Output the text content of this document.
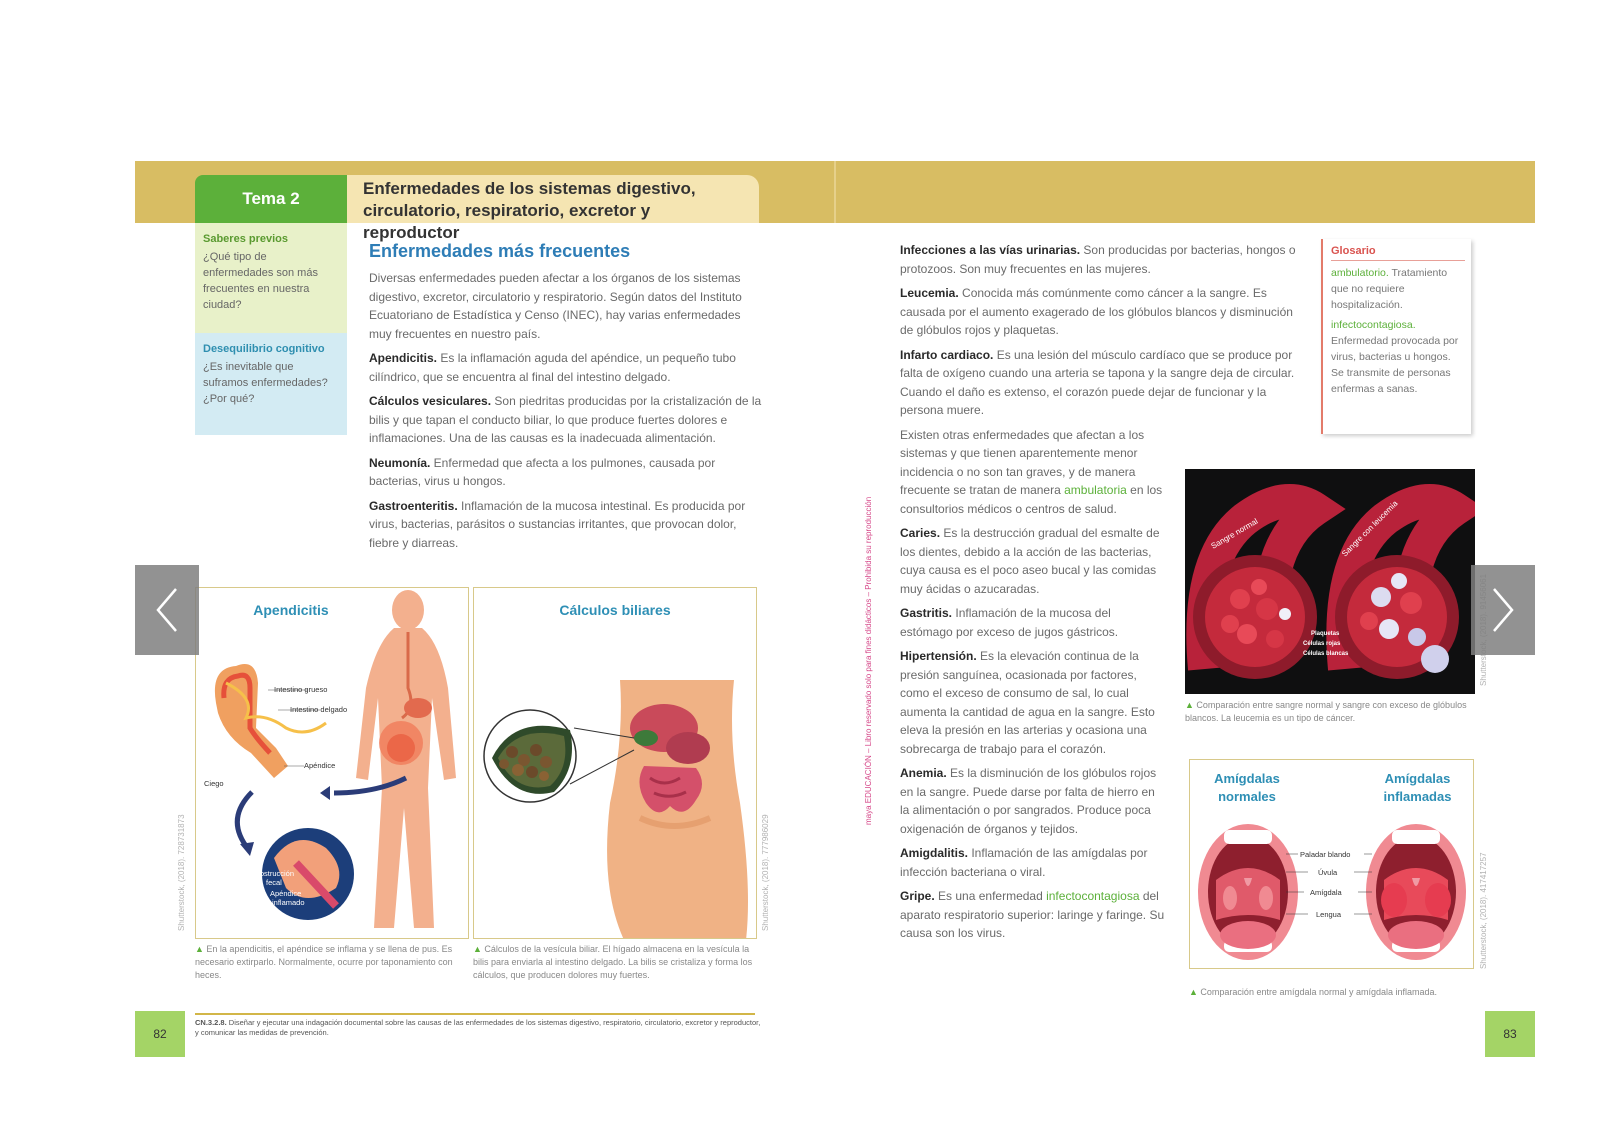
Tema 2
Enfermedades de los sistemas digestivo,
circulatorio, respiratorio, excretor y reproductor
Saberes previos
¿Qué tipo de enfermedades son más frecuentes en nuestra ciudad?
Desequilibrio cognitivo
¿Es inevitable que suframos enfermedades? ¿Por qué?
Enfermedades más frecuentes

Diversas enfermedades pueden afectar a los órganos de los sistemas digestivo, excretor, circulatorio y respiratorio. Según datos del Instituto Ecuatoriano de Estadística y Censo (INEC), hay varias enfermedades muy frecuentes en nuestro país.

Apendicitis. Es la inflamación aguda del apéndice, un pequeño tubo cilíndrico, que se encuentra al final del intestino delgado.

Cálculos vesiculares. Son piedritas producidas por la cristalización de la bilis y que tapan el conducto biliar, lo que produce fuertes dolores e inflamaciones. Una de las causas es la inadecuada alimentación.

Neumonía. Enfermedad que afecta a los pulmones, causada por bacterias, virus u hongos.

Gastroenteritis. Inflamación de la mucosa intestinal. Es producida por virus, bacterias, parásitos o sustancias irritantes, que provocan dolor, fiebre y diarreas.

Apendicitis
Intestino grueso
Intestino delgado
Apéndice
Ciego
Obstrucción
fecal
Apéndice
inflamado
Shutterstock, (2018). 728731873
▲ En la apendicitis, el apéndice se inflama y se llena de pus. Es necesario extirparlo. Normalmente, ocurre por taponamiento con heces.
Cálculos biliares
Shutterstock, (2018). 777986029
▲ Cálculos de la vesícula biliar. El hígado almacena en la vesícula la bilis para enviarla al intestino delgado. La bilis se cristaliza y forma los cálculos, que producen dolores muy fuertes.
CN.3.2.8. Diseñar y ejecutar una indagación documental sobre las causas de las enfermedades de los sistemas digestivo, respiratorio, circulatorio, excretor y reproductor, y comunicar las medidas de prevención.
82	83
maya EDUCACIÓN – Libro reservado solo para fines didácticos – Prohibida su reproducción

Infecciones a las vías urinarias. Son producidas por bacterias, hongos o protozoos. Son muy frecuentes en las mujeres.

Leucemia. Conocida más comúnmente como cáncer a la sangre. Es causada por el aumento exagerado de los glóbulos blancos y disminución de glóbulos rojos y plaquetas.

Infarto cardiaco. Es una lesión del músculo cardíaco que se produce por falta de oxígeno cuando una arteria se tapona y la sangre deja de circular. Cuando el daño es extenso, el corazón puede dejar de funcionar y la persona muere.

Existen otras enfermedades que afectan a los sistemas y que tienen aparentemente menor incidencia o no son tan graves, y de manera frecuente se tratan de manera ambulatoria en los consultorios médicos o centros de salud.

Caries. Es la destrucción gradual del esmalte de los dientes, debido a la acción de las bacterias, cuya causa es el poco aseo bucal y las comidas muy ácidas o azucaradas.

Gastritis. Inflamación de la mucosa del estómago por exceso de jugos gástricos.

Hipertensión. Es la elevación continua de la presión sanguínea, ocasionada por factores, como el exceso de consumo de sal, lo cual aumenta la cantidad de agua en la sangre. Esto eleva la presión en las arterias y ocasiona una sobrecarga de trabajo para el corazón.

Anemia. Es la disminución de los glóbulos rojos en la sangre. Puede darse por falta de hierro en la alimentación o por sangrados. Produce poca oxigenación de órganos y tejidos.

Amigdalitis. Inflamación de las amígdalas por infección bacteriana o viral.

Gripe. Es una enfermedad infectocontagiosa del aparato respiratorio superior: laringe y faringe. Su causa son los virus.

Glosario
ambulatorio. Tratamiento que no requiere hospitalización.
infectocontagiosa. Enfermedad provocada por virus, bacterias u hongos. Se transmite de personas enfermas a sanas.
Sangre normal	Sangre con leucemia
Plaquetas
Células rojas
Células blancas
▲ Comparación entre sangre normal y sangre con exceso de glóbulos blancos. La leucemia es un tipo de cáncer.
Amígdalas
normales
Amígdalas
inflamadas
Paladar blando
Úvula
Amígdala
Lengua	Shutterstock, (2018). 417417257
▲ Comparación entre amígdala normal y amígdala inflamada.
